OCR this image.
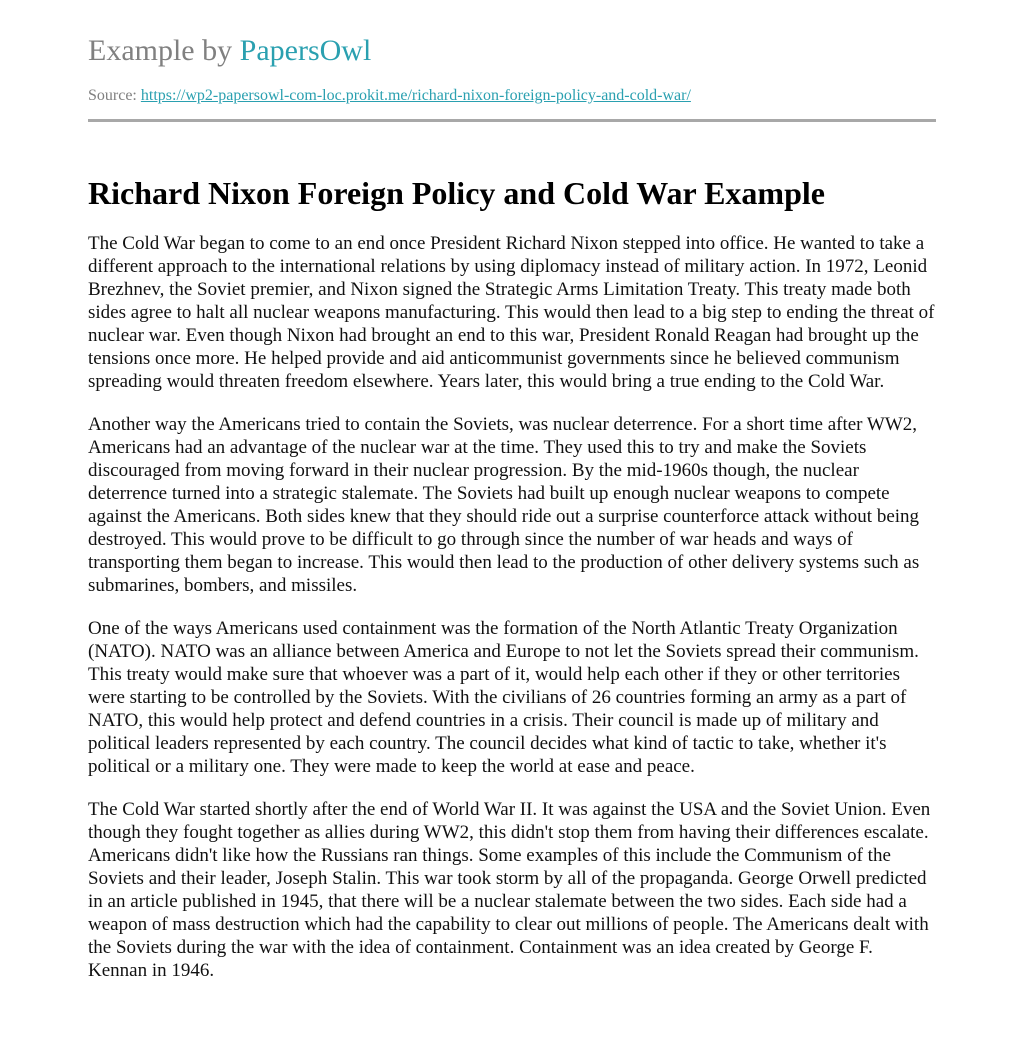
Example by PapersOwl
Source: https://wp2-papersowl-com-loc.prokit.me/richard-nixon-foreign-policy-and-cold-war/
Richard Nixon Foreign Policy and Cold War Example

The Cold War began to come to an end once President Richard Nixon stepped into office. He wanted to take a different approach to the international relations by using diplomacy instead of military action. In 1972, Leonid Brezhnev, the Soviet premier, and Nixon signed the Strategic Arms Limitation Treaty. This treaty made both sides agree to halt all nuclear weapons manufacturing. This would then lead to a big step to ending the threat of nuclear war. Even though Nixon had brought an end to this war, President Ronald Reagan had brought up the tensions once more. He helped provide and aid anticommunist governments since he believed communism spreading would threaten freedom elsewhere. Years later, this would bring a true ending to the Cold War.

Another way the Americans tried to contain the Soviets, was nuclear deterrence. For a short time after WW2, Americans had an advantage of the nuclear war at the time. They used this to try and make the Soviets discouraged from moving forward in their nuclear progression. By the mid-1960s though, the nuclear deterrence turned into a strategic stalemate. The Soviets had built up enough nuclear weapons to compete against the Americans. Both sides knew that they should ride out a surprise counterforce attack without being destroyed. This would prove to be difficult to go through since the number of war heads and ways of transporting them began to increase. This would then lead to the production of other delivery systems such as submarines, bombers, and missiles.

One of the ways Americans used containment was the formation of the North Atlantic Treaty Organization (NATO). NATO was an alliance between America and Europe to not let the Soviets spread their communism. This treaty would make sure that whoever was a part of it, would help each other if they or other territories were starting to be controlled by the Soviets. With the civilians of 26 countries forming an army as a part of NATO, this would help protect and defend countries in a crisis. Their council is made up of military and political leaders represented by each country. The council decides what kind of tactic to take, whether it's political or a military one. They were made to keep the world at ease and peace.

The Cold War started shortly after the end of World War II. It was against the USA and the Soviet Union. Even though they fought together as allies during WW2, this didn't stop them from having their differences escalate. Americans didn't like how the Russians ran things. Some examples of this include the Communism of the Soviets and their leader, Joseph Stalin. This war took storm by all of the propaganda. George Orwell predicted in an article published in 1945, that there will be a nuclear stalemate between the two sides. Each side had a weapon of mass destruction which had the capability to clear out millions of people. The Americans dealt with the Soviets during the war with the idea of containment. Containment was an idea created by George F. Kennan in 1946.
